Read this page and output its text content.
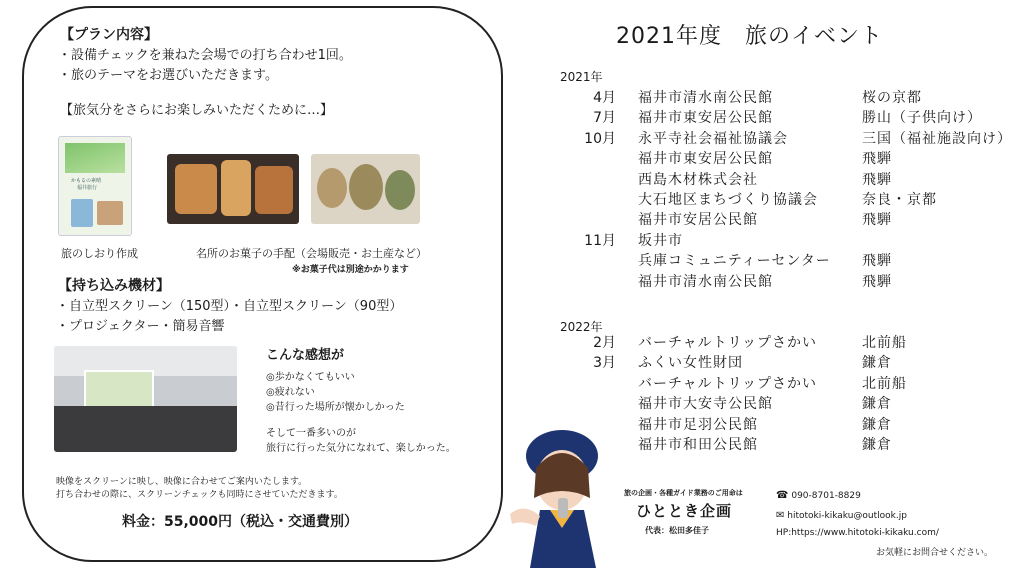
【プラン内容】
・設備チェックを兼ねた会場での打ち合わせ1回。
・旅のテーマをお選びいただきます。
【旅気分をさらにお楽しみいただくために…】
かもるの素晴
福井旅行
旅のしおり作成	名所のお菓子の手配（会場販売・お土産など）
※お菓子代は別途かかります
【持ち込み機材】
・自立型スクリーン（150型）・自立型スクリーン（90型）
・プロジェクター・簡易音響
こんな感想が
◎歩かなくてもいい
◎疲れない
◎昔行った場所が懐かしかった
そして一番多いのが
旅行に行った気分になれて、楽しかった。
映像をスクリーンに映し、映像に合わせてご案内いたします。
打ち合わせの際に、スクリーンチェックも同時にさせていただきます。
料金：55,000円（税込・交通費別）
2021年度　旅のイベント
2021年
4月 福井市清水南公民館	桜の京都
7月 福井市東安居公民館	勝山（子供向け）
10月 永平寺社会福祉協議会	三国（福祉施設向け）
福井市東安居公民館	飛騨
西島木材株式会社	飛騨
大石地区まちづくり協議会	奈良・京都
福井市安居公民館	飛騨
11月 坂井市
兵庫コミュニティーセンター 飛騨
福井市清水南公民館	飛騨
2022年
2月 バーチャルトリップさかい	北前船
3月 ふくい女性財団	鎌倉
バーチャルトリップさかい	北前船
福井市大安寺公民館	鎌倉
福井市足羽公民館	鎌倉
福井市和田公民館	鎌倉
旅の企画・各種ガイド業務のご用命は
ひととき企画
代表：松田多佳子
☎ 090-8701-8829
✉ hitotoki-kikaku@outlook.jp
HP:https://www.hitotoki-kikaku.com/
お気軽にお問合せください。
